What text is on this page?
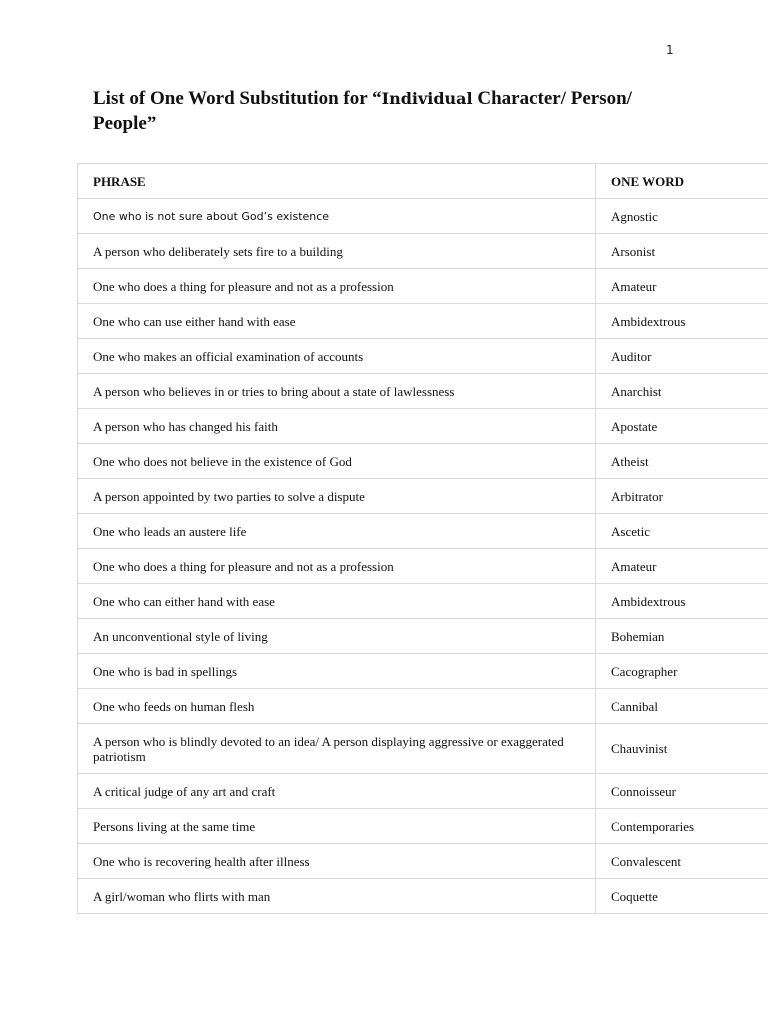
1
List of One Word Substitution for “Individual Character/ Person/ People”
PHRASE	ONE WORD
One who is not sure about God’s existence	Agnostic
A person who deliberately sets fire to a building	Arsonist
One who does a thing for pleasure and not as a profession	Amateur
One who can use either hand with ease	Ambidextrous
One who makes an official examination of accounts	Auditor
A person who believes in or tries to bring about a state of lawlessness	Anarchist
A person who has changed his faith	Apostate
One who does not believe in the existence of God	Atheist
A person appointed by two parties to solve a dispute	Arbitrator
One who leads an austere life	Ascetic
One who does a thing for pleasure and not as a profession	Amateur
One who can either hand with ease	Ambidextrous
An unconventional style of living	Bohemian
One who is bad in spellings	Cacographer
One who feeds on human flesh	Cannibal
A person who is blindly devoted to an idea/ A person displaying aggressive or exaggerated patriotism	Chauvinist
A critical judge of any art and craft	Connoisseur
Persons living at the same time	Contemporaries
One who is recovering health after illness	Convalescent
A girl/woman who flirts with man	Coquette
